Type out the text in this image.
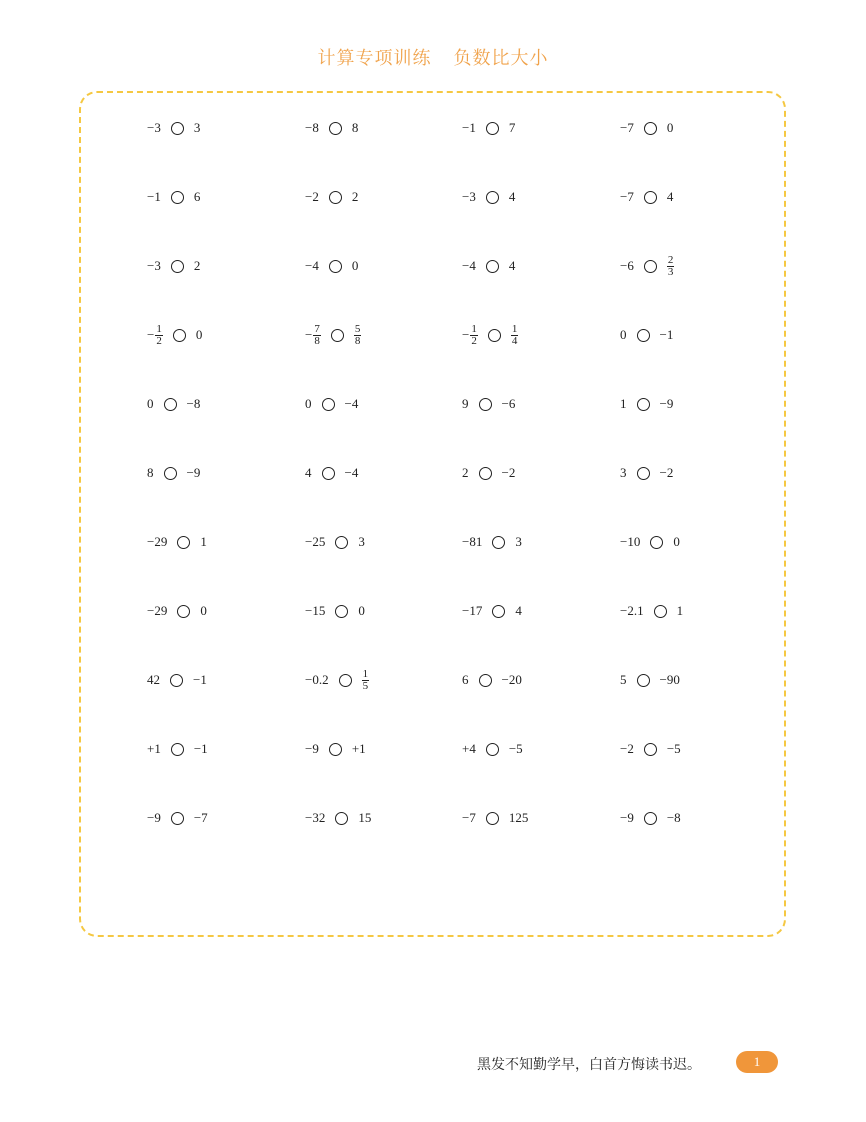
计算专项训练 负数比大小
−3	3	−8	8	−1	7	−7	0
−1	6	−2	2	−3	4	−7	4
−3	2	−4	0	−4	4	−6	$\frac{2}{3}$
− $\frac{1}{2}$	0	− $\frac{7}{8}$	$\frac{5}{8}$	− $\frac{1}{2}$	$\frac{1}{4}$	0	−1
0	−8	0	−4	9	−6	1	−9
8	−9	4	−4	2	−2	3	−2
−29	1	−25	3	−81	3	−10	0
−29	0	−15	0	−17	4	−2.1	1
42	−1	−0.2	$\frac{1}{5}$	6	−20	5	−90
+1	−1	−9	+1	+4	−5	−2	−5
−9	−7	−32	15	−7	125	−9	−8
黑发不知勤学早，白首方悔读书迟。	1
